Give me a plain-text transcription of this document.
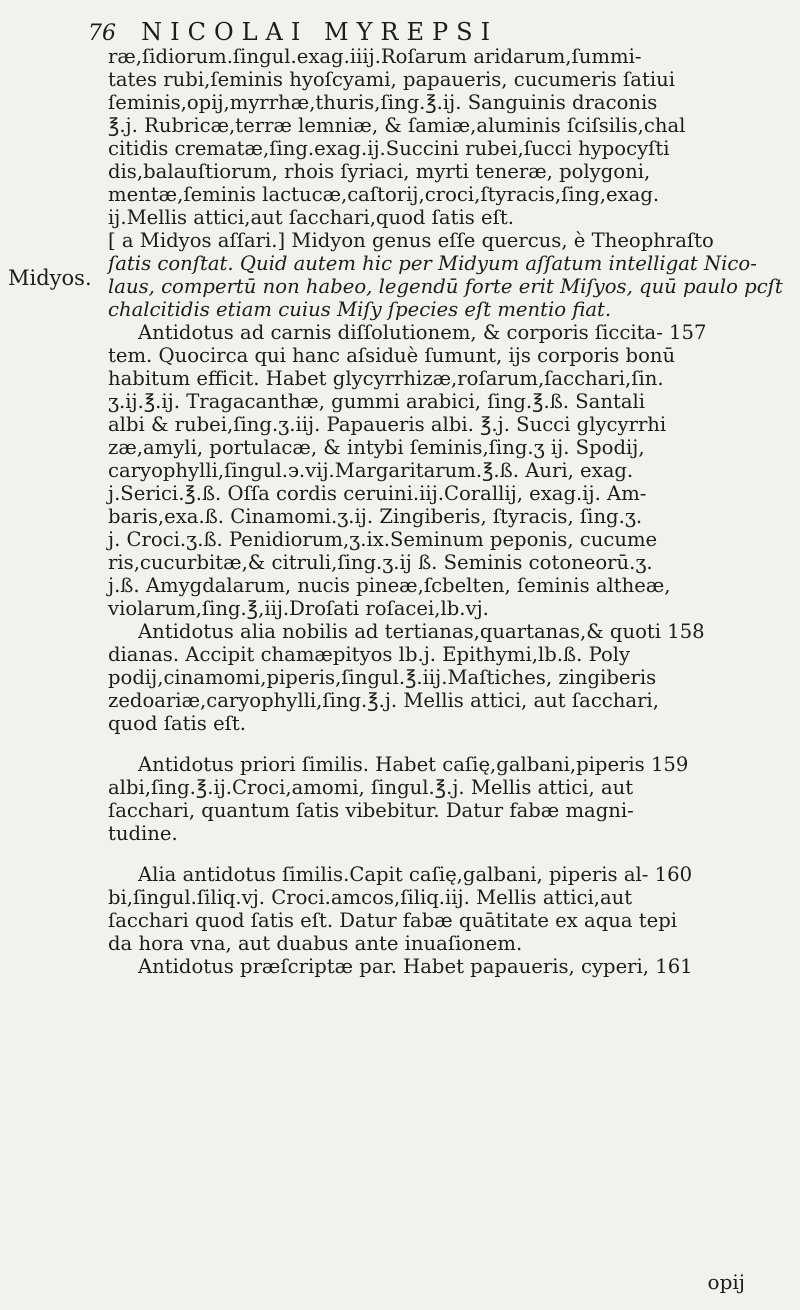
76 NICOLAI MYREPSI
Midyos.
ræ,ſidiorum.ſingul.exag.iiij.Roſarum aridarum,ſummi-
tates rubi,ſeminis hyoſcyami, papaueris, cucumeris ſatiui
ſeminis,opij,myrrhæ,thuris,ſing.℥.ij. Sanguinis draconis
℥.j. Rubricæ,terræ lemniæ, & ſamiæ,aluminis ſciſsilis,chal
citidis crematæ,ſing.exag.ij.Succini rubei,ſucci hypocyſti
dis,balauſtiorum, rhois ſyriaci, myrti teneræ, polygoni,
mentæ,ſeminis lactucæ,caſtorij,croci,ſtyracis,ſing,exag.
ij.Mellis attici,aut ſacchari,quod ſatis eſt.
[ a Midyos aſſari.] Midyon genus eſſe quercus, è Theophraſto
ſatis conſtat. Quid autem hic per Midyum aſſatum intelligat Nico-
laus, compertū non habeo, legendū forte erit Miſyos, quū paulo pcſt
chalcitidis etiam cuius Miſy ſpecies eſt mentio fiat.
Antidotus ad carnis diſſolutionem, & corporis ſiccita- 157
tem. Quocirca qui hanc aſsiduè ſumunt, ijs corporis bonū
habitum efficit. Habet glycyrrhizæ,roſarum,ſacchari,ſin.
ʒ.ij.℥.ij. Tragacanthæ, gummi arabici, ſing.℥.ß. Santali
albi & rubei,ſing.ʒ.iij. Papaueris albi. ℥.j. Succi glycyrrhi
zæ,amyli, portulacæ, & intybi ſeminis,ſing.ʒ ij. Spodij,
caryophylli,ſingul.϶.vij.Margaritarum.℥.ß. Auri, exag.
j.Serici.℥.ß. Oſſa cordis ceruini.iij.Corallij, exag.ij. Am-
baris,exa.ß. Cinamomi.ʒ.ij. Zingiberis, ſtyracis, ſing.ʒ.
j. Croci.ʒ.ß. Penidiorum,ʒ.ix.Seminum peponis, cucume
ris,cucurbitæ,& citruli,ſing.ʒ.ij ß. Seminis cotoneorū.ʒ.
j.ß. Amygdalarum, nucis pineæ,ſcbelten, ſeminis altheæ,
violarum,ſing.℥,iij.Droſati roſacei,lb.vj.
Antidotus alia nobilis ad tertianas,quartanas,& quoti 158
dianas. Accipit chamæpityos lb.j. Epithymi,lb.ß. Poly
podij,cinamomi,piperis,ſingul.℥.iij.Maſtiches, zingiberis
zedoariæ,caryophylli,ſing.℥.j. Mellis attici, aut ſacchari,
quod ſatis eſt.
Antidotus priori ſimilis. Habet caſię,galbani,piperis 159
albi,ſing.℥.ij.Croci,amomi, ſingul.℥.j. Mellis attici, aut
ſacchari, quantum ſatis vibebitur. Datur fabæ magni-
tudine.
Alia antidotus ſimilis.Capit caſię,galbani, piperis al- 160
bi,ſingul.ſiliq.vj. Croci.amcos,ſiliq.iij. Mellis attici,aut
ſacchari quod ſatis eſt. Datur fabæ quātitate ex aqua tepi
da hora vna, aut duabus ante inuaſionem.
Antidotus præſcriptæ par. Habet papaueris, cyperi, 161
opij
